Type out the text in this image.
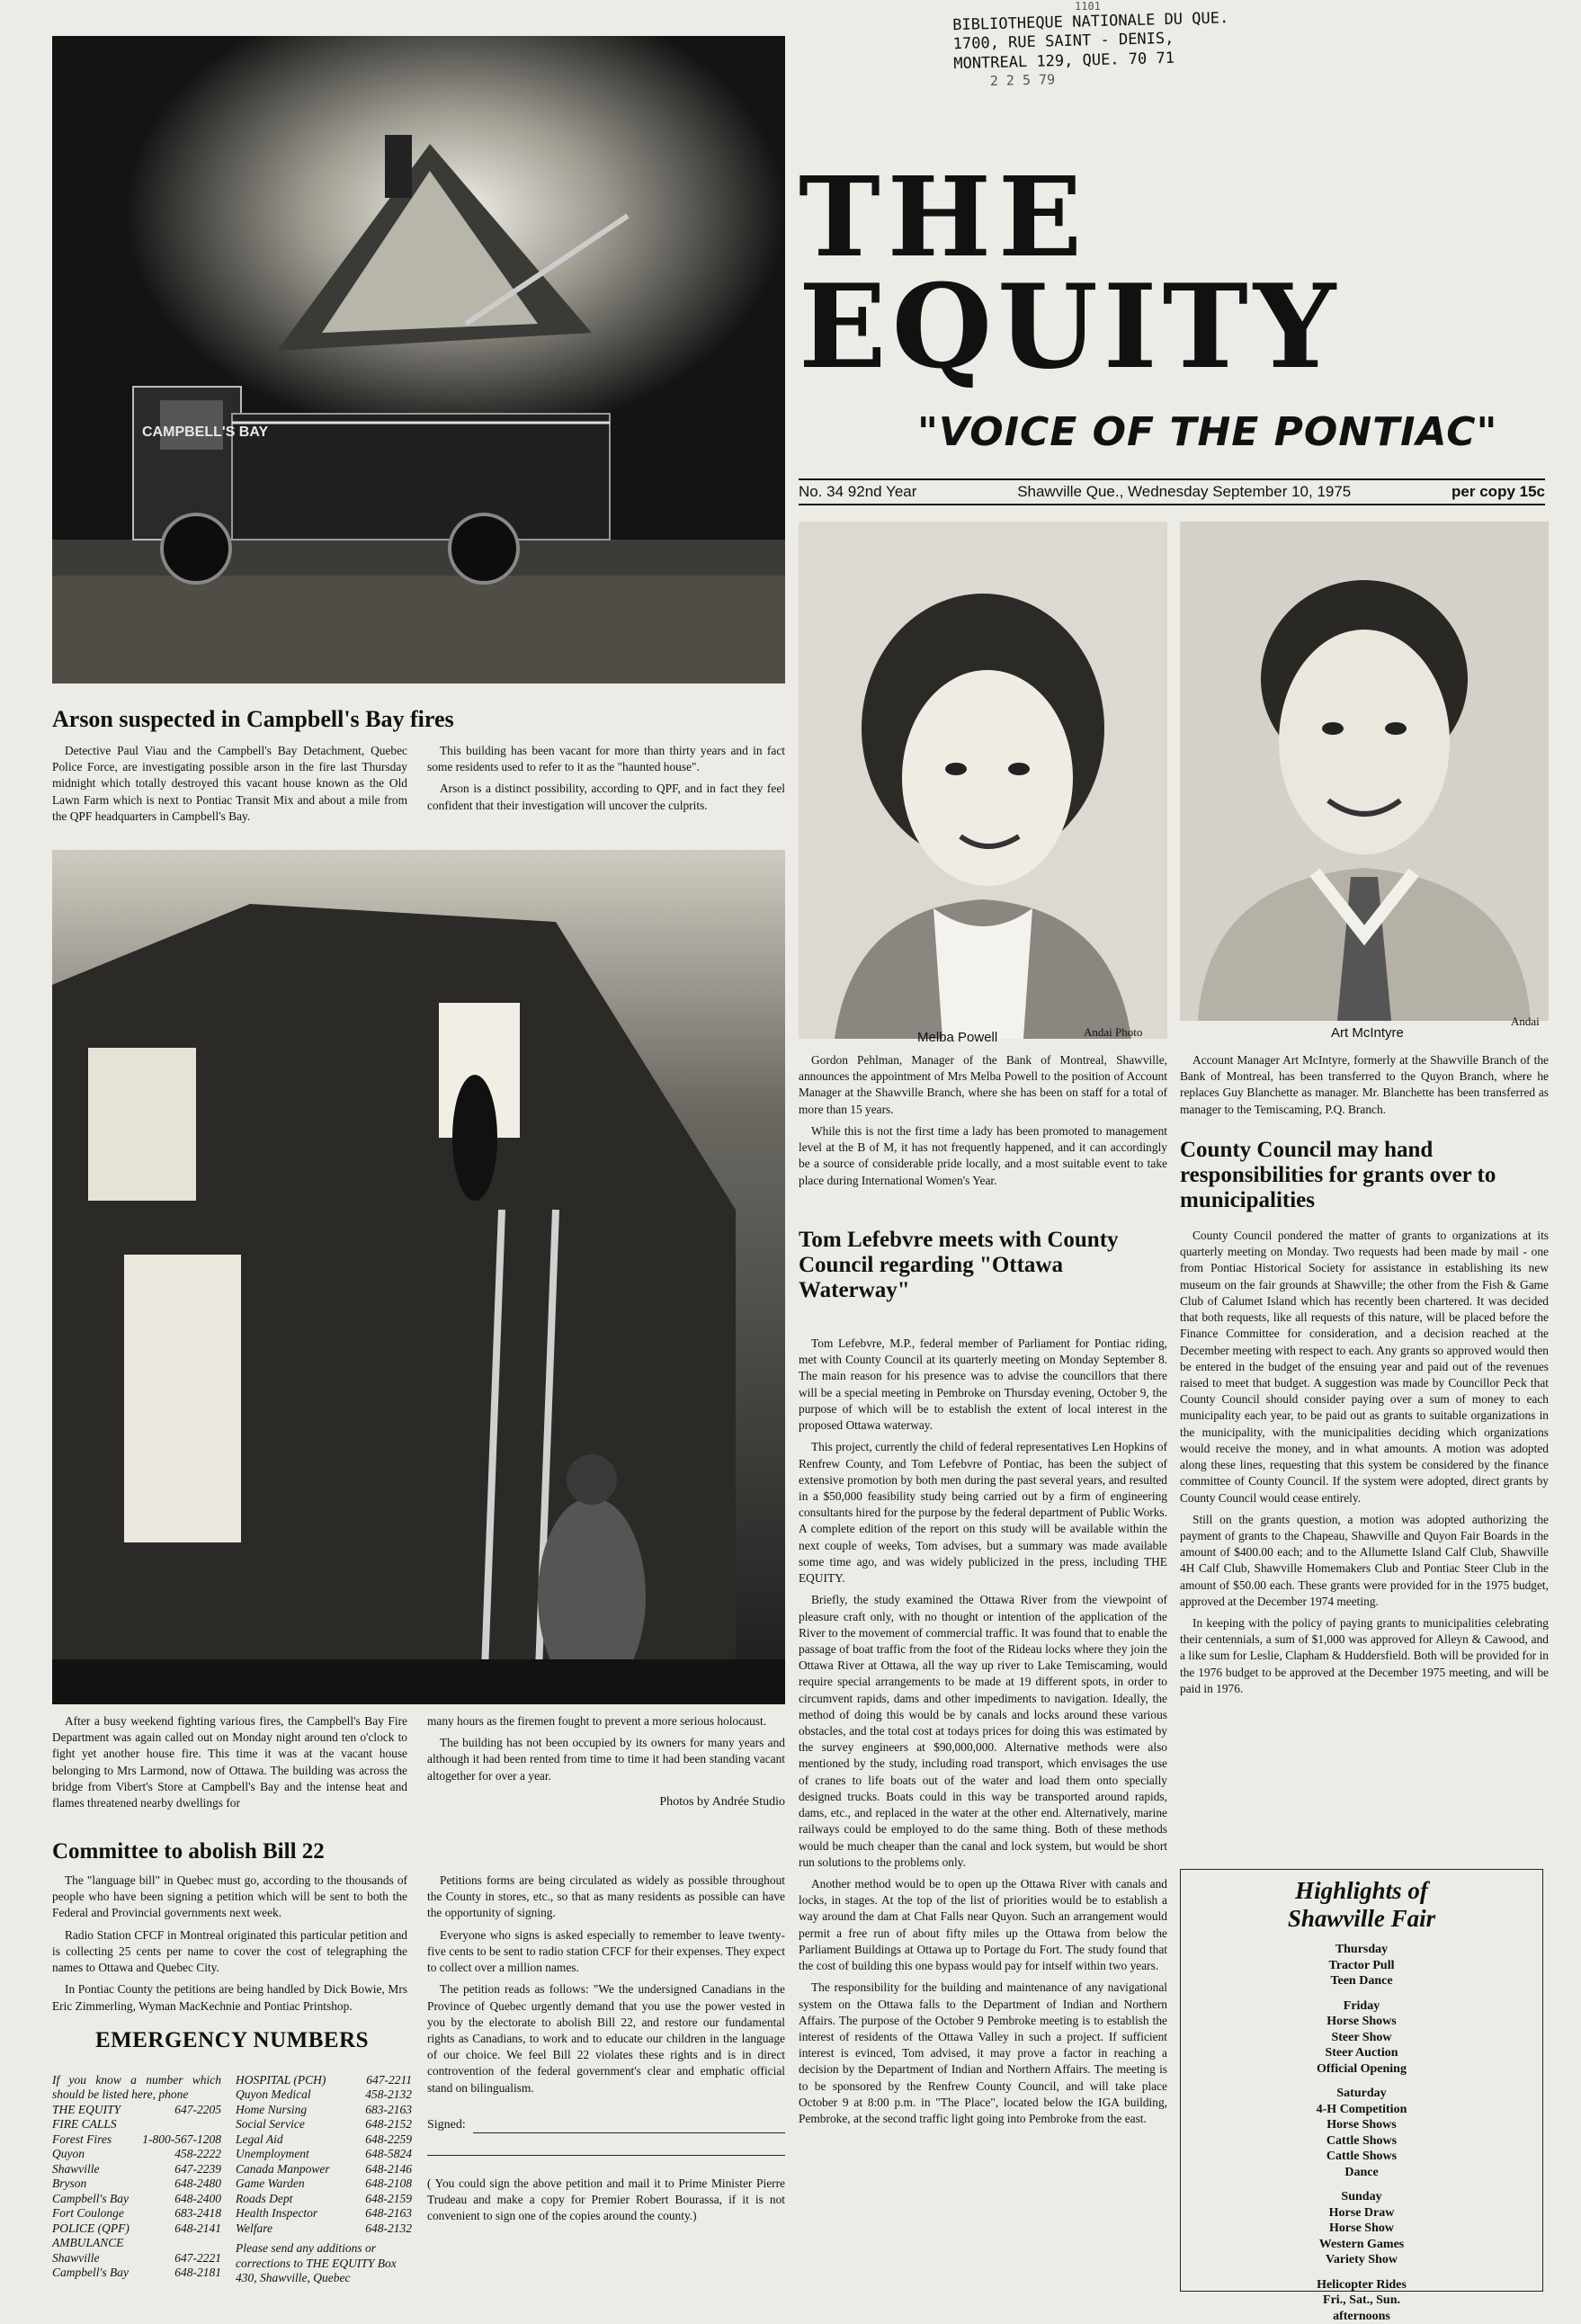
CAMPBELL'S BAY
Arson suspected in Campbell's Bay fires

Detective Paul Viau and the Campbell's Bay Detachment, Quebec Police Force, are investigating possible arson in the fire last Thursday midnight which totally destroyed this vacant house known as the Old Lawn Farm which is next to Pontiac Transit Mix and about a mile from the QPF headquarters in Campbell's Bay.

This building has been vacant for more than thirty years and in fact some residents used to refer to it as the "haunted house".

Arson is a distinct possibility, according to QPF, and in fact they feel confident that their investigation will uncover the culprits.

After a busy weekend fighting various fires, the Campbell's Bay Fire Department was again called out on Monday night around ten o'clock to fight yet another house fire. This time it was at the vacant house belonging to Mrs Larmond, now of Ottawa. The building was across the bridge from Vibert's Store at Campbell's Bay and the intense heat and flames threatened nearby dwellings for

many hours as the firemen fought to prevent a more serious holocaust.

The building has not been occupied by its owners for many years and although it had been rented from time to time it had been standing vacant altogether for over a year.

Photos by Andrée Studio
Committee to abolish Bill 22

The "language bill" in Quebec must go, according to the thousands of people who have been signing a petition which will be sent to both the Federal and Provincial governments next week.

Radio Station CFCF in Montreal originated this particular petition and is collecting 25 cents per name to cover the cost of telegraphing the names to Ottawa and Quebec City.

In Pontiac County the petitions are being handled by Dick Bowie, Mrs Eric Zimmerling, Wyman MacKechnie and Pontiac Printshop.

Petitions forms are being circulated as widely as possible throughout the County in stores, etc., so that as many residents as possible can have the opportunity of signing.

Everyone who signs is asked especially to remember to leave twenty-five cents to be sent to radio station CFCF for their expenses. They expect to collect over a million names.

The petition reads as follows: "We the undersigned Canadians in the Province of Quebec urgently demand that you use the power vested in you by the electorate to abolish Bill 22, and restore our fundamental rights as Canadians, to work and to educate our children in the language of our choice. We feel Bill 22 violates these rights and is in direct controvention of the federal government's clear and emphatic official stand on bilingualism.

Signed:

( You could sign the above petition and mail it to Prime Minister Pierre Trudeau and make a copy for Premier Robert Bourassa, if it is not convenient to sign one of the copies around the county.)

EMERGENCY NUMBERS
If you know a number which should be listed here, phone
THE EQUITY	647-2205
FIRE CALLS
Forest Fires	1-800-567-1208
Quyon	458-2222
Shawville	647-2239
Bryson	648-2480
Campbell's Bay	648-2400
Fort Coulonge	683-2418
POLICE (QPF)	648-2141
AMBULANCE
Shawville	647-2221
Campbell's Bay	648-2181
HOSPITAL (PCH)	647-2211
Quyon Medical	458-2132
Home Nursing	683-2163
Social Service	648-2152
Legal Aid	648-2259
Unemployment	648-5824
Canada Manpower	648-2146
Game Warden	648-2108
Roads Dept	648-2159
Health Inspector	648-2163
Welfare	648-2132
Please send any additions or corrections to THE EQUITY Box 430, Shawville, Quebec
1101
BIBLIOTHEQUE NATIONALE DU QUE.
1700, RUE SAINT - DENIS,
MONTREAL 129, QUE. 70 71
2 2 5 79
THE
EQUITY
"VOICE OF THE PONTIAC"
No. 34 92nd Year	Shawville Que., Wednesday September 10, 1975	per copy 15c
Melba Powell	Andai Photo	Art McIntyre
Andai

Gordon Pehlman, Manager of the Bank of Montreal, Shawville, announces the appointment of Mrs Melba Powell to the position of Account Manager at the Shawville Branch, where she has been on staff for a total of more than 15 years.

While this is not the first time a lady has been promoted to management level at the B of M, it has not frequently happened, and it can accordingly be a source of considerable pride locally, and a most suitable event to take place during International Women's Year.

Account Manager Art McIntyre, formerly at the Shawville Branch of the Bank of Montreal, has been transferred to the Quyon Branch, where he replaces Guy Blanchette as manager. Mr. Blanchette has been transferred as manager to the Temiscaming, P.Q. Branch.

Tom Lefebvre meets with County Council regarding "Ottawa Waterway"

Tom Lefebvre, M.P., federal member of Parliament for Pontiac riding, met with County Council at its quarterly meeting on Monday September 8. The main reason for his presence was to advise the councillors that there will be a special meeting in Pembroke on Thursday evening, October 9, the purpose of which will be to establish the extent of local interest in the proposed Ottawa waterway.

This project, currently the child of federal representatives Len Hopkins of Renfrew County, and Tom Lefebvre of Pontiac, has been the subject of extensive promotion by both men during the past several years, and resulted in a $50,000 feasibility study being carried out by a firm of engineering consultants hired for the purpose by the federal department of Public Works. A complete edition of the report on this study will be available within the next couple of weeks, Tom advises, but a summary was made available some time ago, and was widely publicized in the press, including THE EQUITY.

Briefly, the study examined the Ottawa River from the viewpoint of pleasure craft only, with no thought or intention of the application of the River to the movement of commercial traffic. It was found that to enable the passage of boat traffic from the foot of the Rideau locks where they join the Ottawa River at Ottawa, all the way up river to Lake Temiscaming, would require special arrangements to be made at 19 different spots, in order to circumvent rapids, dams and other impediments to navigation. Ideally, the method of doing this would be by canals and locks around these various obstacles, and the total cost at todays prices for doing this was estimated by the survey engineers at $90,000,000. Alternative methods were also mentioned by the study, including road transport, which envisages the use of cranes to life boats out of the water and load them onto specially designed trucks. Boats could in this way be transported around rapids, dams, etc., and replaced in the water at the other end. Alternatively, marine railways could be employed to do the same thing. Both of these methods would be much cheaper than the canal and lock system, but would be short run solutions to the problems only.

Another method would be to open up the Ottawa River with canals and locks, in stages. At the top of the list of priorities would be to establish a way around the dam at Chat Falls near Quyon. Such an arrangement would permit a free run of about fifty miles up the Ottawa from below the Parliament Buildings at Ottawa up to Portage du Fort. The study found that the cost of building this one bypass would pay for intself within two years.

The responsibility for the building and maintenance of any navigational system on the Ottawa falls to the Department of Indian and Northern Affairs. The purpose of the October 9 Pembroke meeting is to establish the interest of residents of the Ottawa Valley in such a project. If sufficient interest is evinced, Tom advised, it may prove a factor in reaching a decision by the Department of Indian and Northern Affairs. The meeting is to be sponsored by the Renfrew County Council, and will take place October 9 at 8:00 p.m. in "The Place", located below the IGA building, Pembroke, at the second traffic light going into Pembroke from the east.

County Council may hand responsibilities for grants over to municipalities

County Council pondered the matter of grants to organizations at its quarterly meeting on Monday. Two requests had been made by mail - one from Pontiac Historical Society for assistance in establishing its new museum on the fair grounds at Shawville; the other from the Fish & Game Club of Calumet Island which has recently been chartered. It was decided that both requests, like all requests of this nature, will be placed before the Finance Committee for consideration, and a decision reached at the December meeting with respect to each. Any grants so approved would then be entered in the budget of the ensuing year and paid out of the revenues raised to meet that budget. A suggestion was made by Councillor Peck that County Council should consider paying over a sum of money to each municipality each year, to be paid out as grants to suitable organizations in the municipality, with the municipalities deciding which organizations would receive the money, and in what amounts. A motion was adopted along these lines, requesting that this system be considered by the finance committee of County Council. If the system were adopted, direct grants by County Council would cease entirely.

Still on the grants question, a motion was adopted authorizing the payment of grants to the Chapeau, Shawville and Quyon Fair Boards in the amount of $400.00 each; and to the Allumette Island Calf Club, Shawville 4H Calf Club, Shawville Homemakers Club and Pontiac Steer Club in the amount of $50.00 each. These grants were provided for in the 1975 budget, approved at the December 1974 meeting.

In keeping with the policy of paying grants to municipalities celebrating their centennials, a sum of $1,000 was approved for Alleyn & Cawood, and a like sum for Leslie, Clapham & Huddersfield. Both will be provided for in the 1976 budget to be approved at the December 1975 meeting, and will be paid in 1976.

Highlights of
Shawville Fair
Thursday
Tractor Pull
Teen Dance
Friday
Horse Shows
Steer Show
Steer Auction
Official Opening
Saturday
4-H Competition
Horse Shows
Cattle Shows
Cattle Shows
Dance
Sunday
Horse Draw
Horse Show
Western Games
Variety Show
Helicopter Rides
Fri., Sat., Sun.
afternoons
